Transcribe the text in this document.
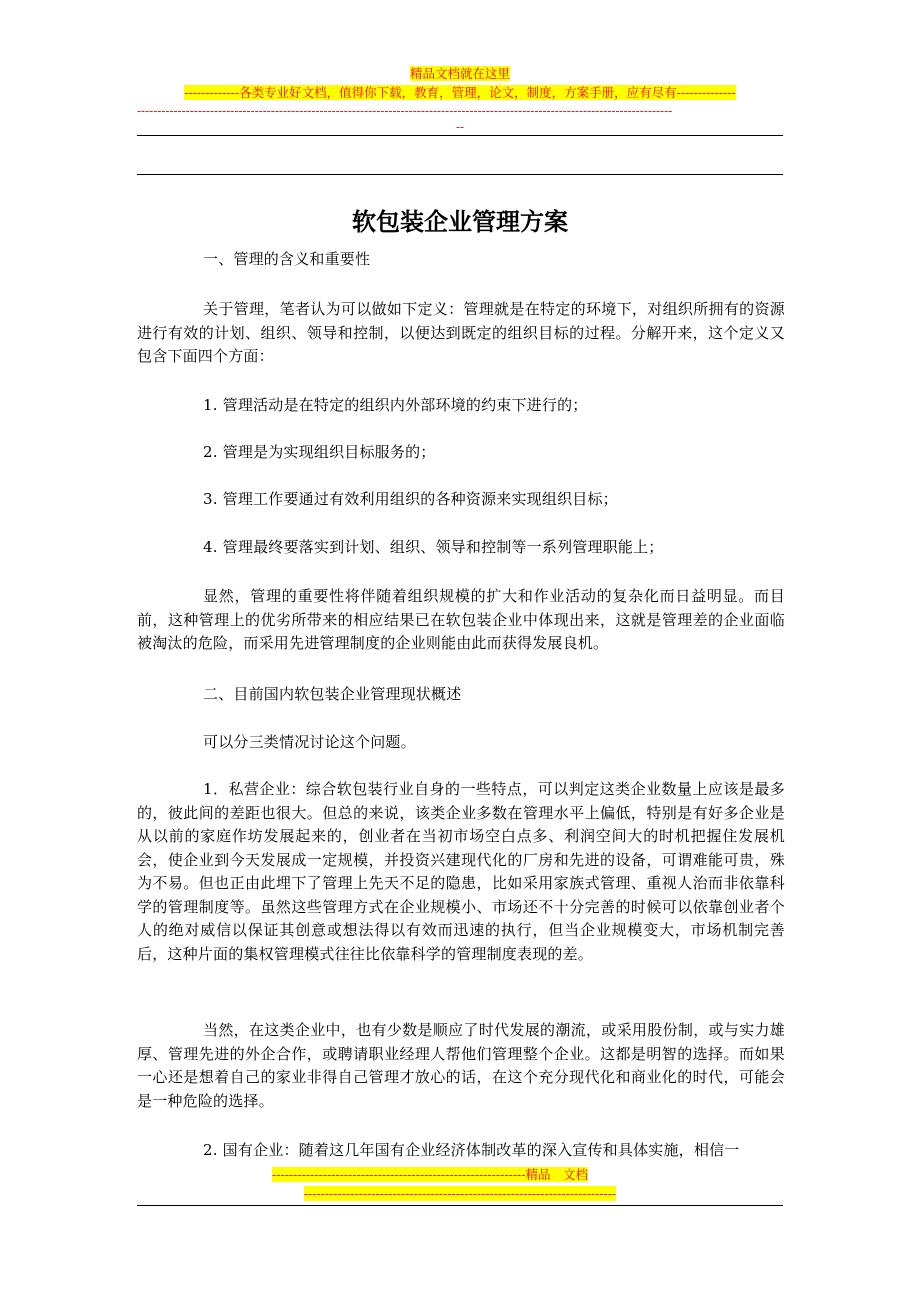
精品文档就在这里
-------------各类专业好文档，值得你下载，教育，管理，论文，制度，方案手册，应有尽有--------------
------------------------------------------------------------------------------------------------------------------------------------
--
软包装企业管理方案
一、管理的含义和重要性
关于管理，笔者认为可以做如下定义：管理就是在特定的环境下，对组织所拥有的资源进行有效的计划、组织、领导和控制，以便达到既定的组织目标的过程。分解开来，这个定义又包含下面四个方面：
1. 管理活动是在特定的组织内外部环境的约束下进行的；
2. 管理是为实现组织目标服务的；
3. 管理工作要通过有效利用组织的各种资源来实现组织目标；
4. 管理最终要落实到计划、组织、领导和控制等一系列管理职能上；
显然，管理的重要性将伴随着组织规模的扩大和作业活动的复杂化而日益明显。而目前，这种管理上的优劣所带来的相应结果已在软包装企业中体现出来，这就是管理差的企业面临被淘汰的危险，而采用先进管理制度的企业则能由此而获得发展良机。
二、目前国内软包装企业管理现状概述
可以分三类情况讨论这个问题。
1．私营企业：综合软包装行业自身的一些特点，可以判定这类企业数量上应该是最多的，彼此间的差距也很大。但总的来说，该类企业多数在管理水平上偏低，特别是有好多企业是从以前的家庭作坊发展起来的，创业者在当初市场空白点多、利润空间大的时机把握住发展机会，使企业到今天发展成一定规模，并投资兴建现代化的厂房和先进的设备，可谓难能可贵，殊为不易。但也正由此埋下了管理上先天不足的隐患，比如采用家族式管理、重视人治而非依靠科学的管理制度等。虽然这些管理方式在企业规模小、市场还不十分完善的时候可以依靠创业者个人的绝对威信以保证其创意或想法得以有效而迅速的执行，但当企业规模变大，市场机制完善后，这种片面的集权管理模式往往比依靠科学的管理制度表现的差。
当然，在这类企业中，也有少数是顺应了时代发展的潮流，或采用股份制，或与实力雄厚、管理先进的外企合作，或聘请职业经理人帮他们管理整个企业。这都是明智的选择。而如果一心还是想着自己的家业非得自己管理才放心的话，在这个充分现代化和商业化的时代，可能会是一种危险的选择。
2. 国有企业：随着这几年国有企业经济体制改革的深入宣传和具体实施，相信一
------------------------------------------------------------精品　文档
--------------------------------------------------------------------------
